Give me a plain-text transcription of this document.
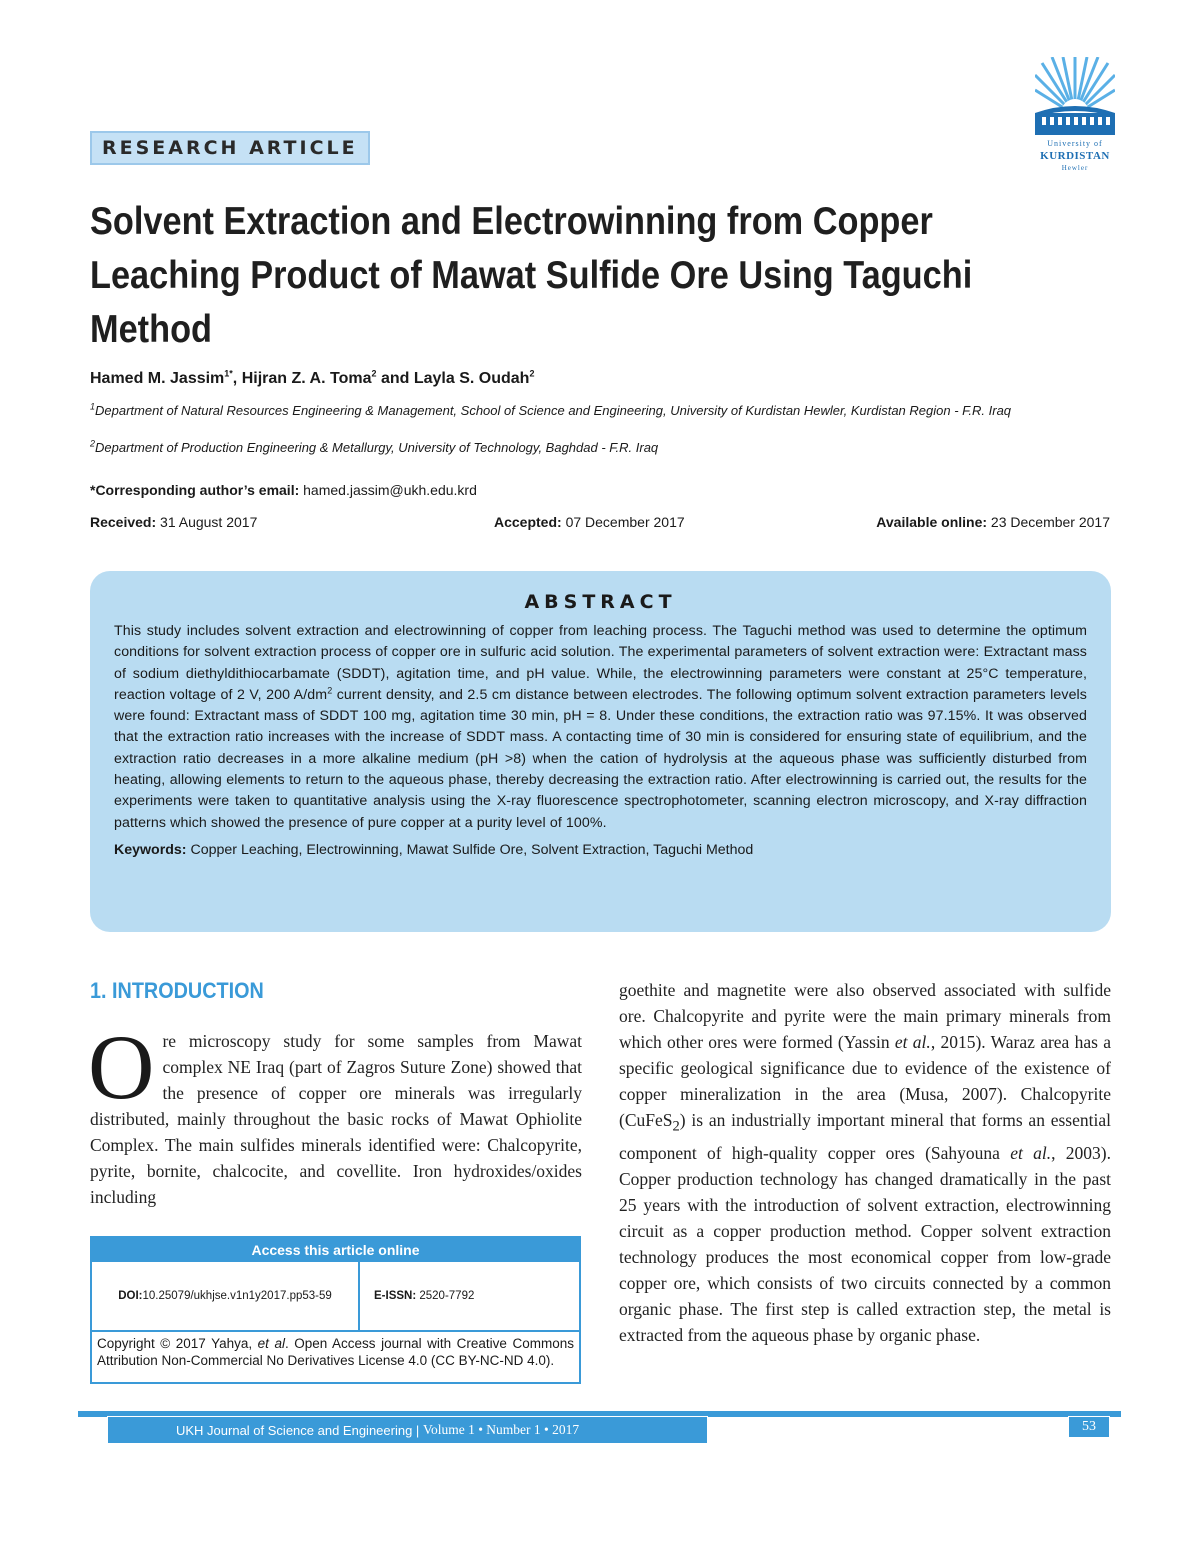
RESEARCH ARTICLE	University of
KURDISTAN
Hewler
Solvent Extraction and Electrowinning from Copper Leaching Product of Mawat Sulfide Ore Using Taguchi Method
Hamed M. Jassim$^{1*}$, Hijran Z. A. Toma$^2$ and Layla S. Oudah$^2$
$^1$Department of Natural Resources Engineering & Management, School of Science and Engineering, University of Kurdistan Hewler, Kurdistan Region - F.R. Iraq
$^2$Department of Production Engineering & Metallurgy, University of Technology, Baghdad - F.R. Iraq
*Corresponding author’s email: hamed.jassim@ukh.edu.krd
Received: 31 August 2017	Accepted: 07 December 2017	Available online: 23 December 2017
ABSTRACT

This study includes solvent extraction and electrowinning of copper from leaching process. The Taguchi method was used to determine the optimum conditions for solvent extraction process of copper ore in sulfuric acid solution. The experimental parameters of solvent extraction were: Extractant mass of sodium diethyldithiocarbamate (SDDT), agitation time, and pH value. While, the electrowinning parameters were constant at 25°C temperature, reaction voltage of 2 V, 200 $A/dm^2$ current density, and 2.5 cm distance between electrodes. The following optimum solvent extraction parameters levels were found: Extractant mass of SDDT 100 mg, agitation time 30 min, pH = 8. Under these conditions, the extraction ratio was 97.15%. It was observed that the extraction ratio increases with the increase of SDDT mass. A contacting time of 30 min is considered for ensuring state of equilibrium, and the extraction ratio decreases in a more alkaline medium (pH >8) when the cation of hydrolysis at the aqueous phase was sufficiently disturbed from heating, allowing elements to return to the aqueous phase, thereby decreasing the extraction ratio. After electrowinning is carried out, the results for the experiments were taken to quantitative analysis using the X-ray fluorescence spectrophotometer, scanning electron microscopy, and X-ray diffraction patterns which showed the presence of pure copper at a purity level of 100%.

Keywords: Copper Leaching, Electrowinning, Mawat Sulfide Ore, Solvent Extraction, Taguchi Method
1. INTRODUCTION
Ore microscopy study for some samples from Mawat complex NE Iraq (part of Zagros Suture Zone) showed that the presence of copper ore minerals was irregularly distributed, mainly throughout the basic rocks of Mawat Ophiolite Complex. The main sulfides minerals identified were: Chalcopyrite, pyrite, bornite, chalcocite, and covellite. Iron hydroxides/oxides including
goethite and magnetite were also observed associated with sulfide ore. Chalcopyrite and pyrite were the main primary minerals from which other ores were formed (Yassin et al., 2015). Waraz area has a specific geological significance due to evidence of the existence of copper mineralization in the area (Musa, 2007). Chalcopyrite (CuFeS$_2$) is an industrially important mineral that forms an essential component of high-quality copper ores (Sahyouna et al., 2003). Copper production technology has changed dramatically in the past 25 years with the introduction of solvent extraction, electrowinning circuit as a copper production method. Copper solvent extraction technology produces the most economical copper from low-grade copper ore, which consists of two circuits connected by a common organic phase. The first step is called extraction step, the metal is extracted from the aqueous phase by organic phase.
Access this article online
DOI: 10.25079/ukhjse.v1n1y2017.pp53-59	E-ISSN:
2520-7792
Copyright © 2017 Yahya, et al. Open Access journal with Creative Commons Attribution Non-Commercial No Derivatives License 4.0 (CC BY-NC-ND 4.0).
UKH Journal of Science and Engineering |
Volume 1 • Number 1 • 2017	53
